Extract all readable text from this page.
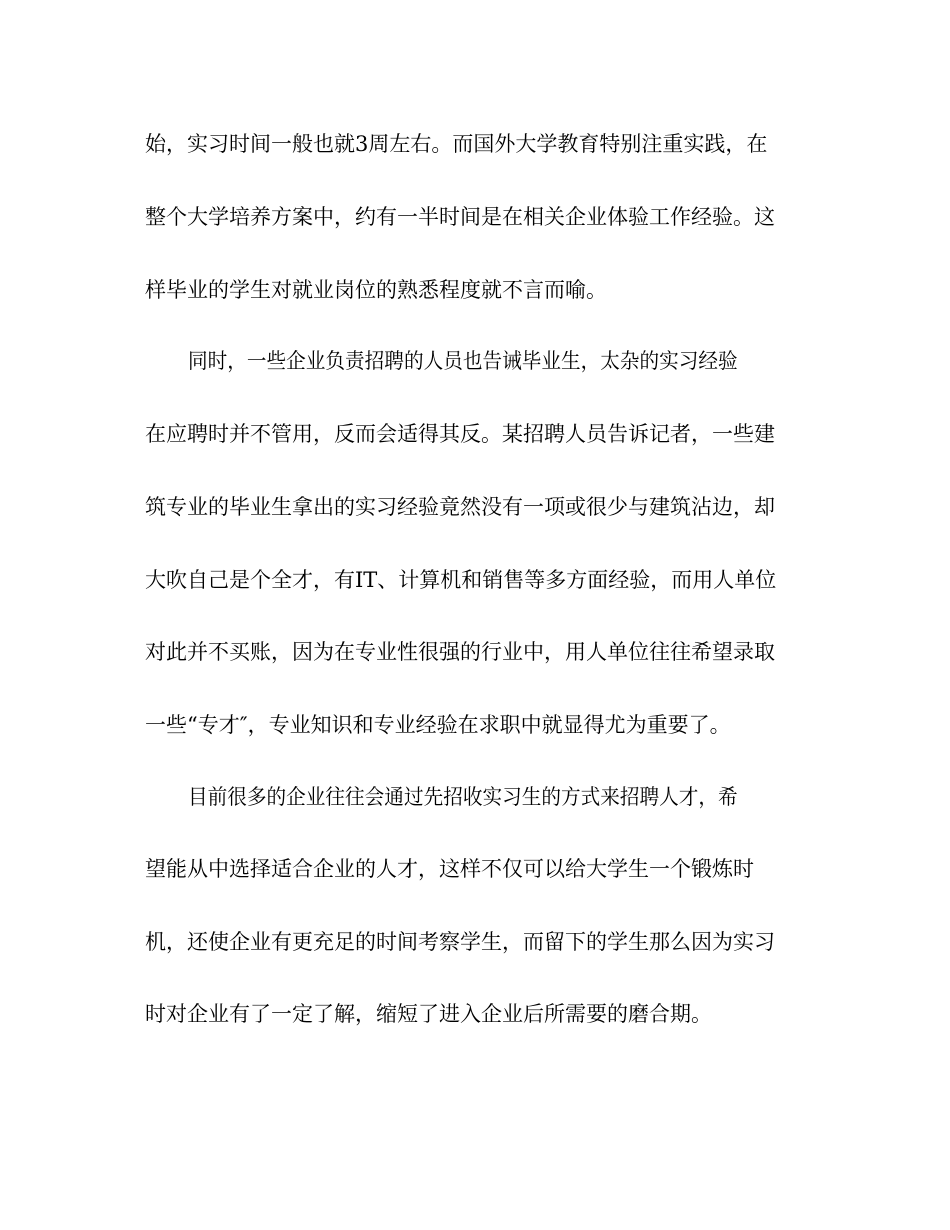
始，实习时间一般也就3周左右。而国外大学教育特别注重实践，在
整个大学培养方案中，约有一半时间是在相关企业体验工作经验。这
样毕业的学生对就业岗位的熟悉程度就不言而喻。
同时，一些企业负责招聘的人员也告诫毕业生，太杂的实习经验
在应聘时并不管用，反而会适得其反。某招聘人员告诉记者，一些建
筑专业的毕业生拿出的实习经验竟然没有一项或很少与建筑沾边，却
大吹自己是个全才，有IT、计算机和销售等多方面经验，而用人单位
对此并不买账，因为在专业性很强的行业中，用人单位往往希望录取
一些“专才″，专业知识和专业经验在求职中就显得尤为重要了。
目前很多的企业往往会通过先招收实习生的方式来招聘人才，希
望能从中选择适合企业的人才，这样不仅可以给大学生一个锻炼时
机，还使企业有更充足的时间考察学生，而留下的学生那么因为实习
时对企业有了一定了解，缩短了进入企业后所需要的磨合期。
